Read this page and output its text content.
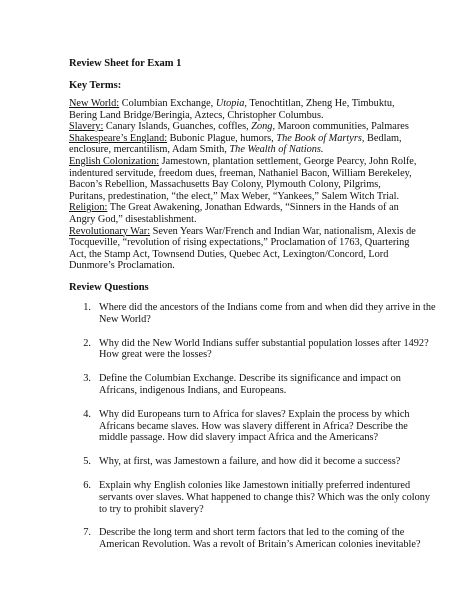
Review Sheet for Exam 1
Key Terms:

New World: Columbian Exchange, Utopia, Tenochtitlan, Zheng He, Timbuktu, Bering Land Bridge/Beringia, Aztecs, Christopher Columbus.

Slavery: Canary Islands, Guanches, coffles, Zong, Maroon communities, Palmares

Shakespeare’s England: Bubonic Plague, humors, The Book of Martyrs, Bedlam, enclosure, mercantilism, Adam Smith, The Wealth of Nations.

English Colonization: Jamestown, plantation settlement, George Pearcy, John Rolfe, indentured servitude, freedom dues, freeman, Nathaniel Bacon, William Berekeley, Bacon’s Rebellion, Massachusetts Bay Colony, Plymouth Colony, Pilgrims, Puritans, predestination, “the elect,” Max Weber, “Yankees,” Salem Witch Trial.

Religion: The Great Awakening, Jonathan Edwards, “Sinners in the Hands of an Angry God,” disestablishment.

Revolutionary War: Seven Years War/French and Indian War, nationalism, Alexis de Tocqueville, “revolution of rising expectations,” Proclamation of 1763, Quartering Act, the Stamp Act, Townsend Duties, Quebec Act, Lexington/Concord, Lord Dunmore’s Proclamation.

Review Questions
1. Where did the ancestors of the Indians come from and when did they arrive in the New World?
2. Why did the New World Indians suffer substantial population losses after 1492? How great were the losses?
3. Define the Columbian Exchange. Describe its significance and impact on Africans, indigenous Indians, and Europeans.
4. Why did Europeans turn to Africa for slaves? Explain the process by which Africans became slaves. How was slavery different in Africa? Describe the middle passage. How did slavery impact Africa and the Americans?
5. Why, at first, was Jamestown a failure, and how did it become a success?
6. Explain why English colonies like Jamestown initially preferred indentured servants over slaves. What happened to change this? Which was the only colony to try to prohibit slavery?
7. Describe the long term and short term factors that led to the coming of the American Revolution. Was a revolt of Britain’s American colonies inevitable?
